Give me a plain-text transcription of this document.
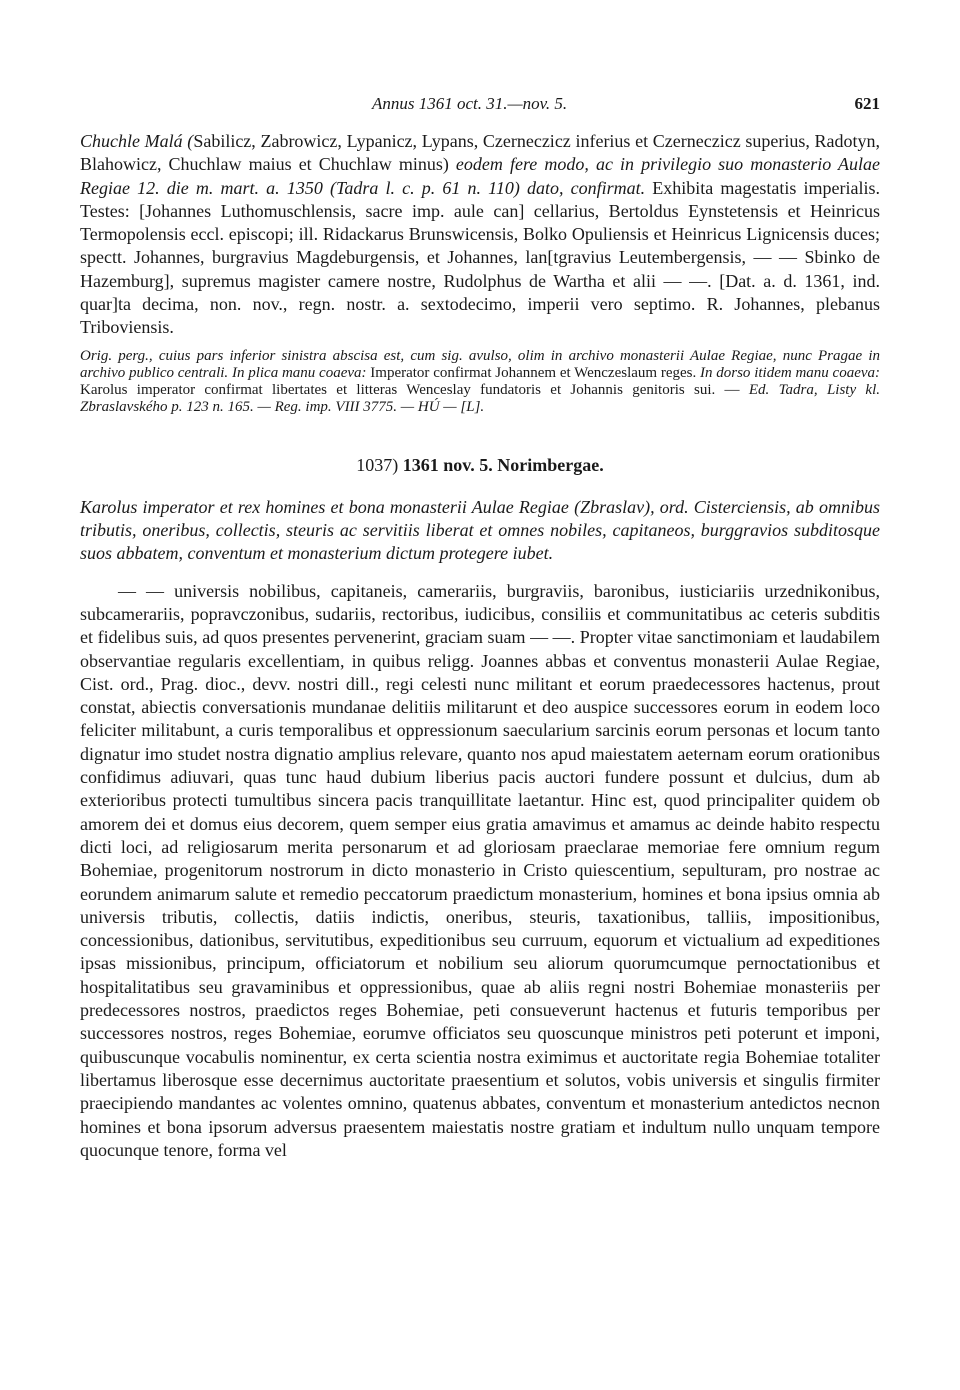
Annus 1361 oct. 31.—nov. 5.	621

Chuchle Malá (Sabilicz, Zabrowicz, Lypanicz, Lypans, Czerneczicz inferius et Czerneczicz superius, Radotyn, Blahowicz, Chuchlaw maius et Chuchlaw minus) eodem fere modo, ac in privilegio suo monasterio Aulae Regiae 12. die m. mart. a. 1350 (Tadra l. c. p. 61 n. 110) dato, confirmat. Exhibita magestatis imperialis. Testes: [Johannes Luthomuschlensis, sacre imp. aule can] cellarius, Bertoldus Eynstetensis et Heinricus Termopolensis eccl. episcopi; ill. Ridackarus Brunswicensis, Bolko Opuliensis et Heinricus Lignicensis duces; spectt. Johannes, burgravius Magdeburgensis, et Johannes, lan[tgravius Leutembergensis, — — Sbinko de Hazemburg], supremus magister camere nostre, Rudolphus de Wartha et alii — —. [Dat. a. d. 1361, ind. quar]ta decima, non. nov., regn. nostr. a. sextodecimo, imperii vero septimo. R. Johannes, plebanus Triboviensis.

Orig. perg., cuius pars inferior sinistra abscisa est, cum sig. avulso, olim in archivo monasterii Aulae Regiae, nunc Pragae in archivo publico centrali. In plica manu coaeva: Imperator confirmat Johannem et Wenczeslaum reges. In dorso itidem manu coaeva: Karolus imperator confirmat libertates et litteras Wenceslay fundatoris et Johannis genitoris sui. — Ed. Tadra, Listy kl. Zbraslavského p. 123 n. 165. — Reg. imp. VIII 3775. — HÚ — [L].

1037) 1361 nov. 5. Norimbergae.

Karolus imperator et rex homines et bona monasterii Aulae Regiae (Zbraslav), ord. Cisterciensis, ab omnibus tributis, oneribus, collectis, steuris ac servitiis liberat et omnes nobiles, capitaneos, burggravios subditosque suos abbatem, conventum et monasterium dictum protegere iubet.

— — universis nobilibus, capitaneis, camerariis, burgraviis, baronibus, iusticiariis urzednikonibus, subcamerariis, popravczonibus, sudariis, rectoribus, iudicibus, consiliis et communitatibus ac ceteris subditis et fidelibus suis, ad quos presentes pervenerint, graciam suam — —. Propter vitae sanctimoniam et laudabilem observantiae regularis excellentiam, in quibus religg. Joannes abbas et conventus monasterii Aulae Regiae, Cist. ord., Prag. dioc., devv. nostri dill., regi celesti nunc militant et eorum praedecessores hactenus, prout constat, abiectis conversationis mundanae delitiis militarunt et deo auspice successores eorum in eodem loco feliciter militabunt, a curis temporalibus et oppressionum saecularium sarcinis eorum personas et locum tanto dignatur imo studet nostra dignatio amplius relevare, quanto nos apud maiestatem aeternam eorum orationibus confidimus adiuvari, quas tunc haud dubium liberius pacis auctori fundere possunt et dulcius, dum ab exterioribus protecti tumultibus sincera pacis tranquillitate laetantur. Hinc est, quod principaliter quidem ob amorem dei et domus eius decorem, quem semper eius gratia amavimus et amamus ac deinde habito respectu dicti loci, ad religiosarum merita personarum et ad gloriosam praeclarae memoriae fere omnium regum Bohemiae, progenitorum nostrorum in dicto monasterio in Cristo quiescentium, sepulturam, pro nostrae ac eorundem animarum salute et remedio peccatorum praedictum monasterium, homines et bona ipsius omnia ab universis tributis, collectis, datiis indictis, oneribus, steuris, taxationibus, talliis, impositionibus, concessionibus, dationibus, servitutibus, expeditionibus seu curruum, equorum et victualium ad expeditiones ipsas missionibus, principum, officiatorum et nobilium seu aliorum quorumcumque pernoctationibus et hospitalitatibus seu gravaminibus et oppressionibus, quae ab aliis regni nostri Bohemiae monasteriis per predecessores nostros, praedictos reges Bohemiae, peti consueverunt hactenus et futuris temporibus per successores nostros, reges Bohemiae, eorumve officiatos seu quoscunque ministros peti poterunt et imponi, quibuscunque vocabulis nominentur, ex certa scientia nostra eximimus et auctoritate regia Bohemiae totaliter libertamus liberosque esse decernimus auctoritate praesentium et solutos, vobis universis et singulis firmiter praecipiendo mandantes ac volentes omnino, quatenus abbates, conventum et monasterium antedictos necnon homines et bona ipsorum adversus praesentem maiestatis nostre gratiam et indultum nullo unquam tempore quocunque tenore, forma vel
